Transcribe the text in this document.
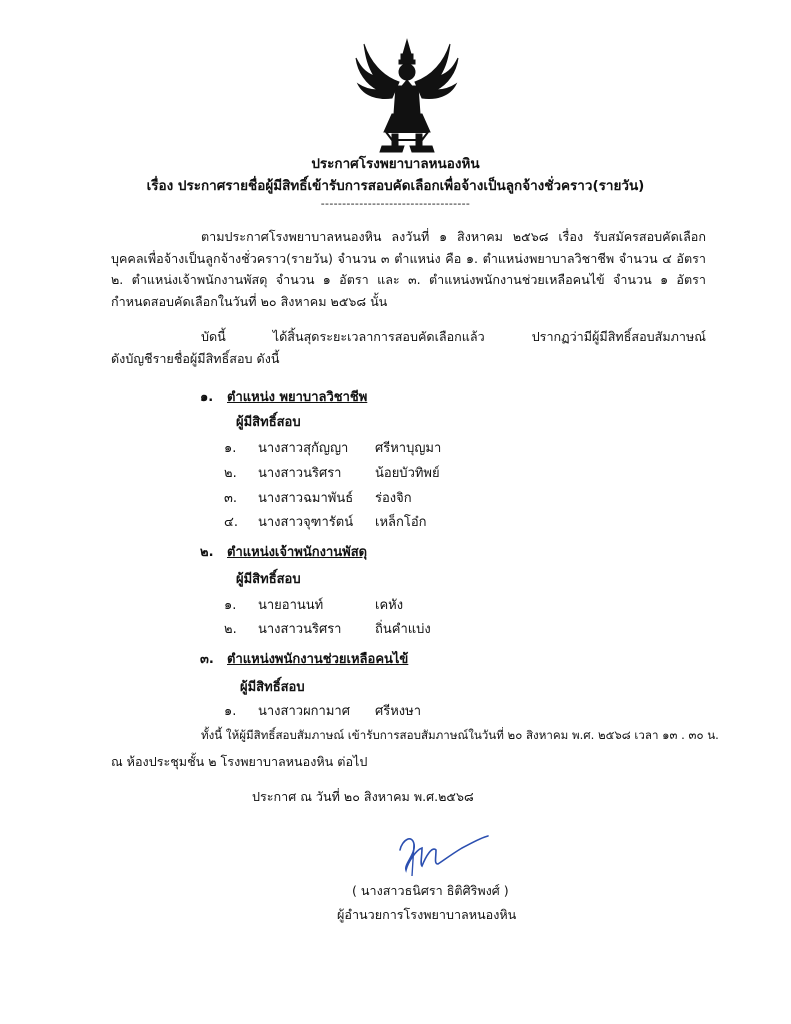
ประกาศโรงพยาบาลหนองหิน
เรื่อง ประกาศรายชื่อผู้มีสิทธิ์เข้ารับการสอบคัดเลือกเพื่อจ้างเป็นลูกจ้างชั่วคราว(รายวัน)
-----------------------------------
ตามประกาศโรงพยาบาลหนองหิน ลงวันที่ ๑ สิงหาคม ๒๕๖๘ เรื่อง รับสมัครสอบคัดเลือก
บุคคลเพื่อจ้างเป็นลูกจ้างชั่วคราว(รายวัน) จำนวน ๓ ตำแหน่ง คือ ๑. ตำแหน่งพยาบาลวิชาชีพ จำนวน ๔ อัตรา
๒. ตำแหน่งเจ้าพนักงานพัสดุ จำนวน ๑ อัตรา และ ๓. ตำแหน่งพนักงานช่วยเหลือคนไข้ จำนวน ๑ อัตรา
กำหนดสอบคัดเลือกในวันที่ ๒๐ สิงหาคม ๒๕๖๘ นั้น
บัดนี้ ได้สิ้นสุดระยะเวลาการสอบคัดเลือกแล้ว ปรากฏว่ามีผู้มีสิทธิ์สอบสัมภาษณ์
ดังบัญชีรายชื่อผู้มีสิทธิ์สอบ ดังนี้
๑. ตำแหน่ง พยาบาลวิชาชีพ
ผู้มีสิทธิ์สอบ
๑. นางสาวสุกัญญา ศรีหาบุญมา
๒. นางสาวนริศรา	น้อยบัวทิพย์
๓. นางสาวฉมาพันธ์ ร่องจิก
๔. นางสาวจุฑารัตน์ เหล็กโอ๋ก
๒. ตำแหน่งเจ้าพนักงานพัสดุ
ผู้มีสิทธิ์สอบ
๑. นายอานนท์	เคหัง
๒. นางสาวนริศรา	ถิ่นคำแบ่ง
๓. ตำแหน่งพนักงานช่วยเหลือคนไข้
ผู้มีสิทธิ์สอบ
๑. นางสาวผกามาศ ศรีหงษา
ทั้งนี้ ให้ผู้มีสิทธิ์สอบสัมภาษณ์ เข้ารับการสอบสัมภาษณ์ในวันที่ ๒๐ สิงหาคม พ.ศ. ๒๕๖๘ เวลา ๑๓ . ๓๐ น.
ณ ห้องประชุมชั้น ๒ โรงพยาบาลหนองหิน ต่อไป
ประกาศ ณ วันที่ ๒๐ สิงหาคม พ.ศ.๒๕๖๘
( นางสาวธนิศรา ธิติศิริพงศ์ )
ผู้อำนวยการโรงพยาบาลหนองหิน
